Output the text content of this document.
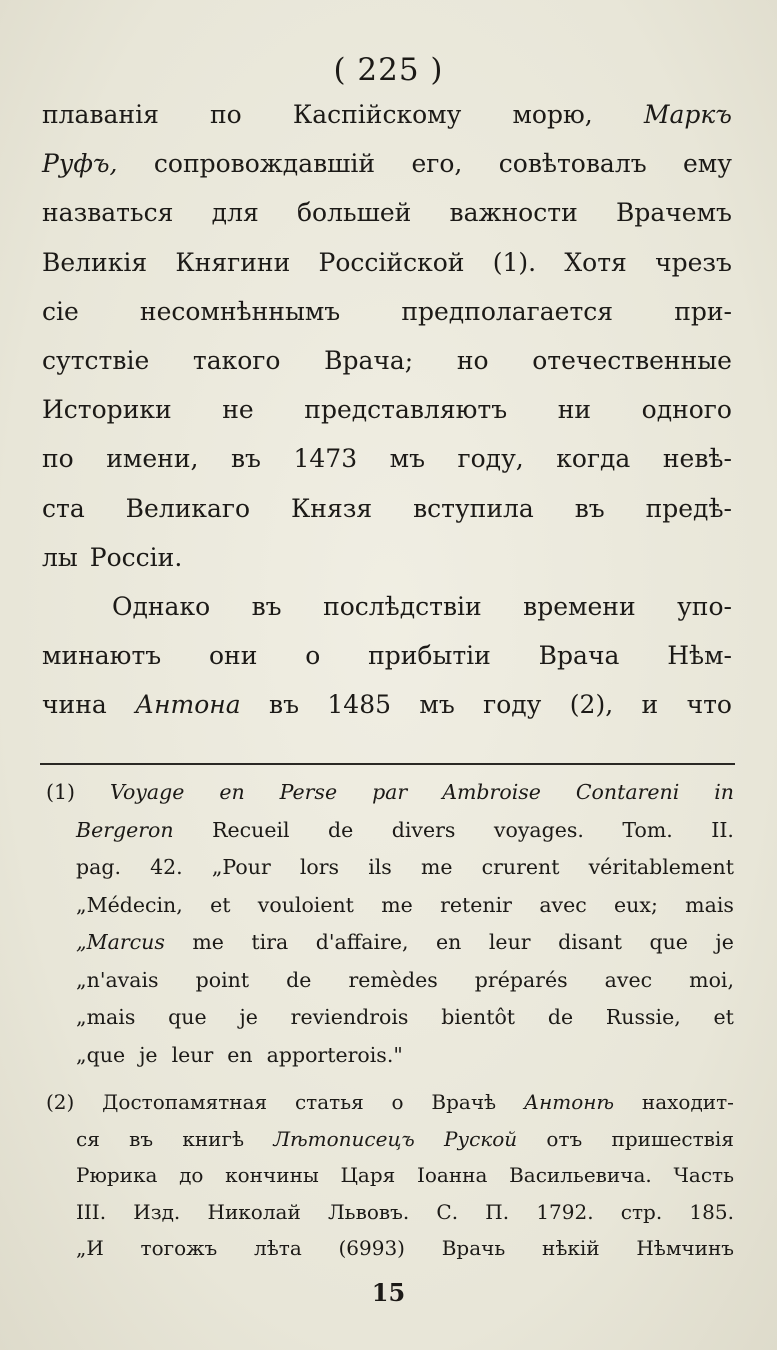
( 225 )
плаванія по Каспійскому морю, Маркъ
Руфъ, сопровождавшій его, совѣтовалъ ему
назваться для большей важности Врачемъ
Великія Княгини Россійской (1). Хотя чрезъ
сіе несомнѣннымъ предполагается при-
сутствіе такого Врача; но отечественные
Историки не представляютъ ни одного
по имени, въ 1473 мъ году, когда невѣ-
ста Великаго Князя вступила въ предѣ-
лы Россіи.
Однако въ послѣдствіи времени упо-
минаютъ они о прибытіи Врача Нѣм-
чина Антона въ 1485 мъ году (2), и что
(1) Voyage en Perse par Ambroise Contareni in
Bergeron Recueil de divers voyages. Tom. II.
pag. 42. „Pour lors ils me crurent véritablement
„Médecin, et vouloient me retenir avec eux; mais
„Marcus me tira d'affaire, en leur disant que je
„n'avais point de remèdes préparés avec moi,
„mais que je reviendrois bientôt de Russie, et
„que je leur en apporterois."
(2) Достопамятная статья о Врачѣ Антонѣ находит-
ся въ книгѣ Лѣтописецъ Руской отъ пришествія
Рюрика до кончины Царя Іоанна Васильевича. Часть
III. Изд. Николай Львовъ. С. П. 1792. стр. 185.
„И тогожъ лѣта (6993) Врачь нѣкій Нѣмчинъ
15
